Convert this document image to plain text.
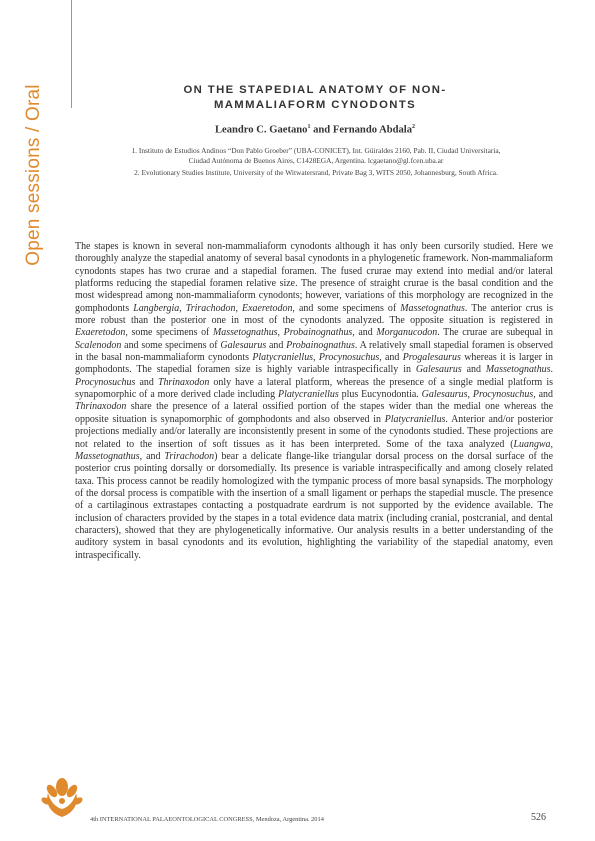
Open sessions / Oral	ON THE STAPEDIAL ANATOMY OF NON-MAMMALIAFORM CYNODONTS
Leandro C. Gaetano$^1$ and Fernando Abdala$^2$
1. Instituto de Estudios Andinos “Don Pablo Groeber” (UBA-CONICET), Int. Güiraldes 2160, Pab. II, Ciudad Universitaria, Ciudad Autónoma de Buenos Aires, C1428EGA, Argentina. lcgaetano@gl.fcen.uba.ar
2. Evolutionary Studies Institute, University of the Witwatersrand, Private Bag 3, WITS 2050, Johannesburg, South Africa.

The stapes is known in several non-mammaliaform cynodonts although it has only been cursorily studied. Here we thoroughly analyze the stapedial anatomy of several basal cynodonts in a phylogenetic framework. Non-mammaliaform cynodonts stapes has two crurae and a stapedial foramen. The fused crurae may extend into medial and/or lateral platforms reducing the stapedial foramen relative size. The presence of straight crurae is the basal condition and the most widespread among non-mammaliaform cynodonts; however, variations of this morphology are recognized in the gomphodonts Langbergia, Trirachodon, Exaeretodon, and some specimens of Massetognathus. The anterior crus is more robust than the posterior one in most of the cynodonts analyzed. The opposite situation is registered in Exaeretodon, some specimens of Massetognathus, Probainognathus, and Morganucodon. The crurae are subequal in Scalenodon and some specimens of Galesaurus and Probainognathus. A relatively small stapedial foramen is observed in the basal non-mammaliaform cynodonts Platycraniellus, Procynosuchus, and Progalesaurus whereas it is larger in gomphodonts. The stapedial foramen size is highly variable intraspecifically in Galesaurus and Massetognathus. Procynosuchus and Thrinaxodon only have a lateral platform, whereas the presence of a single medial platform is synapomorphic of a more derived clade including Platycraniellus plus Eucynodontia. Galesaurus, Procynosuchus, and Thrinaxodon share the presence of a lateral ossified portion of the stapes wider than the medial one whereas the opposite situation is synapomorphic of gomphodonts and also observed in Platycraniellus. Anterior and/or posterior projections medially and/or laterally are inconsistently present in some of the cynodonts studied. These projections are not related to the insertion of soft tissues as it has been interpreted. Some of the taxa analyzed (Luangwa, Massetognathus, and Trirachodon) bear a delicate flange-like triangular dorsal process on the dorsal surface of the posterior crus pointing dorsally or dorsomedially. Its presence is variable intraspecifically and among closely related taxa. This process cannot be readily homologized with the tympanic process of more basal synapsids. The morphology of the dorsal process is compatible with the insertion of a small ligament or perhaps the stapedial muscle. The presence of a cartilaginous extrastapes contacting a postquadrate eardrum is not supported by the evidence available. The inclusion of characters provided by the stapes in a total evidence data matrix (including cranial, postcranial, and dental characters), showed that they are phylogenetically informative. Our analysis results in a better understanding of the auditory system in basal cynodonts and its evolution, highlighting the variability of the stapedial anatomy, even intraspecifically.

4th INTERNATIONAL PALAEONTOLOGICAL CONGRESS, Mendoza, Argentina. 2014	526
